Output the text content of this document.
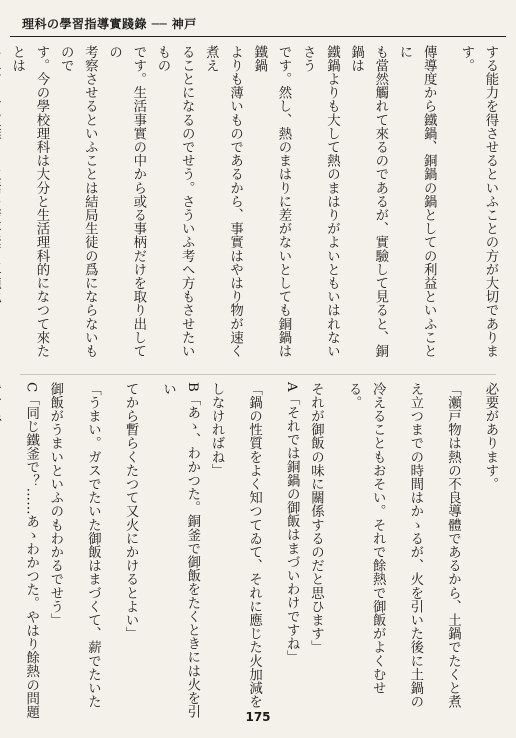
理科の學習指導實踐錄 ── 神戸

する能力を得させるといふことの方が大切であります。

傳導度から鐵鍋、銅鍋の鍋としての利益といふことに

も當然觸れて來るのであるが、實驗して見ると、銅鍋は

鐵鍋よりも大して熱のまはりがよいともいはれないさう

です。然し、熱のまはりに差がないとしても銅鍋は鐵鍋

よりも薄いものであるから、事實はやはり物が速く煮え

ることになるのでせう。さういふ考へ方もさせたいもの

です。生活事實の中から或る事柄だけを取り出しての

考察させるといふことは結局生徒の爲にならないもので

す。今の學校理科は大分と生活理科的になつて來たとは

必要があります。

「瀬戸物は熱の不良導體であるから、土鍋でたくと煮

え立つまでの時間はかゝるが、火を引いた後に土鍋の

冷えることもおそい。それで餘熱で御飯がよくむせる。

それが御飯の味に關係するのだと思ひます」

A「それでは銅鍋の御飯はまづいわけですね」

「鍋の性質をよく知つてゐて、それに應じた火加減を

しなければね」

B「あゝ、わかつた。銅釜で御飯をたくときには火を引い

てから暫らくたつて又火にかけるとよい」

「うまい。ガスでたいた御飯はまづくて、薪でたいた

御飯がうまいといふのもわかるでせう」

C「同じ鐵釜で？……あゝわかつた。やはり餘熱の問題	175
